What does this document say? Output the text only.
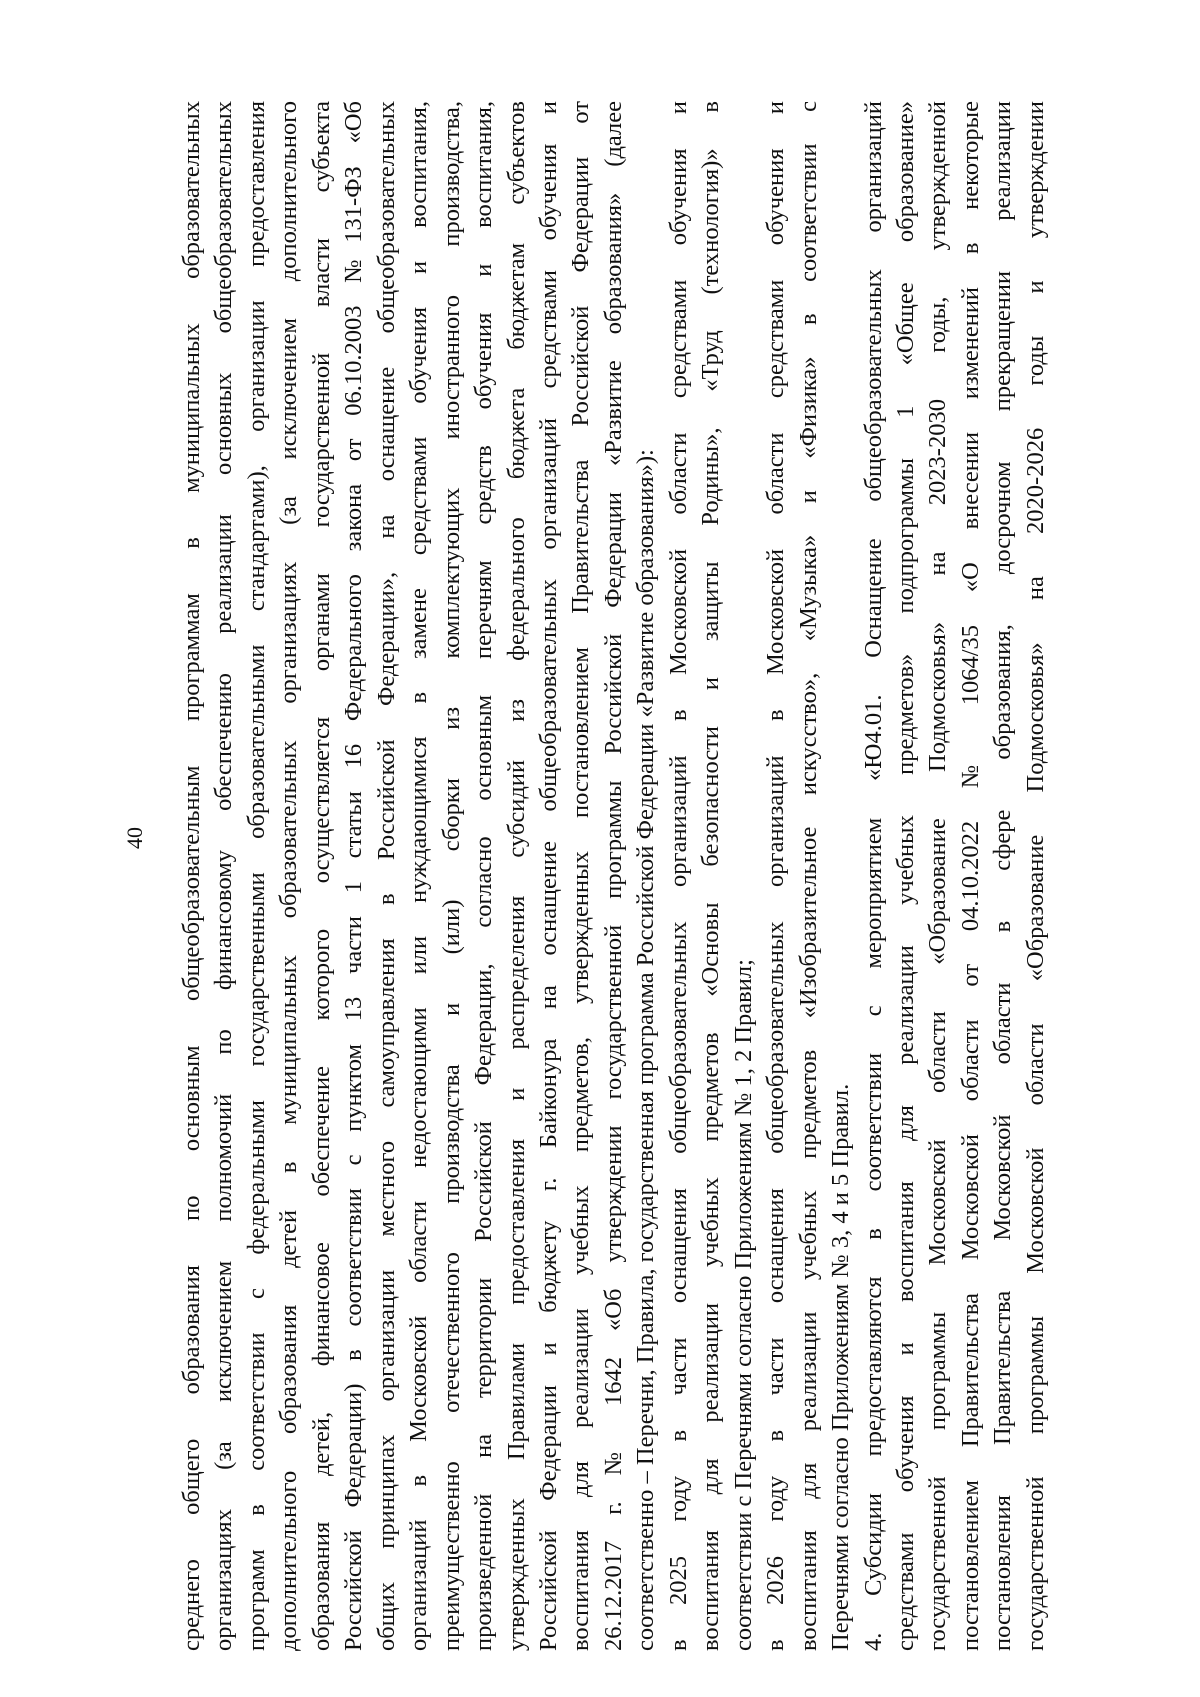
40	среднего общего образования по основным общеобразовательным программам в муниципальных образовательных организациях (за исключением полномочий по финансовому обеспечению реализации основных общеобразовательных программ в соответствии с федеральными государственными образовательными стандартами), организации предоставления дополнительного образования детей в муниципальных образовательных организациях (за исключением дополнительного образования детей, финансовое обеспечение которого осуществляется органами государственной власти субъекта Российской Федерации) в соответствии с пунктом 13 части 1 статьи 16 Федерального закона от 06.10.2003 №131-ФЗ «Об общих принципах организации местного самоуправления в Российской Федерации», на оснащение общеобразовательных организаций в Московской области недостающими или нуждающимися в замене средствами обучения и воспитания, преимущественно отечественного производства и (или) сборки из комплектующих иностранного производства, произведенной на территории Российской Федерации, согласно основным перечням средств обучения и воспитания, утвержденных Правилами предоставления и распределения субсидий из федерального бюджета бюджетам субъектов Российской Федерации и бюджету г. Байконура на оснащение общеобразовательных организаций средствами обучения и воспитания для реализации учебных предметов, утвержденных постановлением Правительства Российской Федерации от 26.12.2017 г. № 1642 «Об утверждении государственной программы Российской Федерации «Развитие образования» (далее соответственно – Перечни, Правила, государственная программа Российской Федерации «Развитие образования»): в 2025 году в части оснащения общеобразовательных организаций в Московской области средствами обучения и воспитания для реализации учебных предметов «Основы безопасности и защиты Родины», «Труд (технология)» в соответствии с Перечнями согласно Приложениям № 1, 2 Правил; в 2026 году в части оснащения общеобразовательных организаций в Московской области средствами обучения и воспитания для реализации учебных предметов «Изобразительное искусство», «Музыка» и «Физика» в соответствии с Перечнями согласно Приложениям № 3, 4 и 5 Правил. 4. Субсидии предоставляются в соответствии с мероприятием «Ю4.01. Оснащение общеобразовательных организаций средствами обучения и воспитания для реализации учебных предметов» подпрограммы 1 «Общее образование» государственной программы Московской области «Образование Подмосковья» на 2023-2030 годы, утвержденной постановлением Правительства Московской области от 04.10.2022 № 1064/35 «О внесении изменений в некоторые постановления Правительства Московской области в сфере образования, досрочном прекращении реализации государственной программы Московской области «Образование Подмосковья» на 2020-2026 годы и утверждении
